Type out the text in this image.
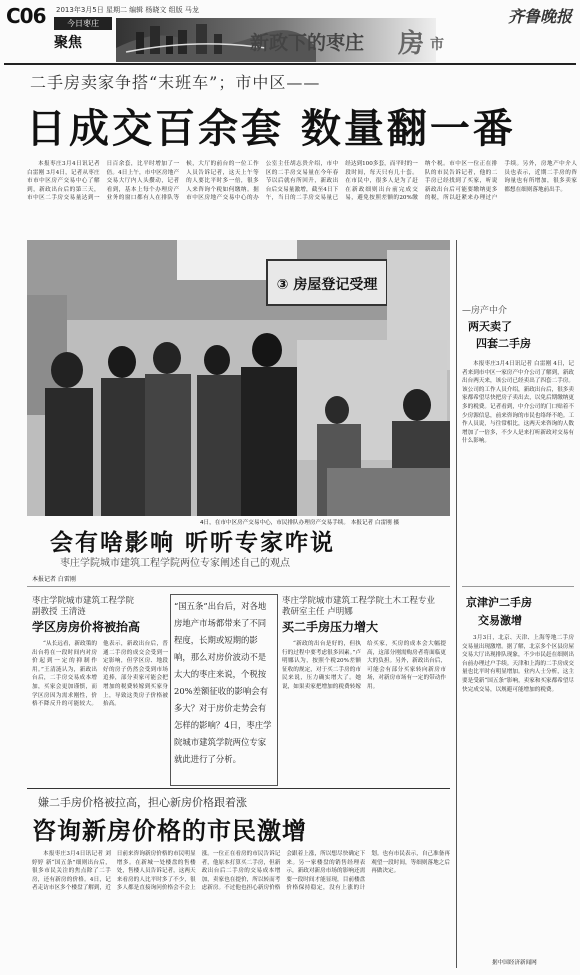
C06 2013年3月5日 星期二 编辑 杨晓文 组版 马龙
今日枣庄
聚焦
齐鲁晚报
新政下的枣庄 房 市
二手房卖家争搭“末班车”；市中区——
日成交百余套 数量翻一番

本报枣庄3月4日讯记者 白雷刚 3月4日，记者从枣庄市市中区房产交易中心了解到，新政出台后的第三天，市中区二手房交易量达到一日百余套，比平时增加了一倍。4日上午，市中区房地产交易大厅内人头攒动，记者看到，基本上每个办理房产业务的窗口都有人在排队等候，大厅的前台的一位工作人员告诉记者，这天上午等的人要比平时多一倍，很多人来咨询个税如何缴纳。据市中区房地产交易中心的办公室主任胡志贵介绍，市中区的二手房交易量在今年春节以后就有所回升，新政出台后交易量激增，截至4日下午，当日的二手房交易量已经达到100多套，而平时的一段时间，每天只有几十套。在市民中，很多人是为了赶在新政细则出台前完成交易，避免按照差额的20%缴纳个税。市中区一位正在排队的市民告诉记者，他的二手房已经找到了买家，听说新政出台后可能要缴纳更多的税，所以赶紧来办理过户手续。另外，房地产中介人员也表示，近期二手房的咨询量也有所增加，很多卖家都想在细则落地前出手。

③ 房屋登记受理
4日，在市中区房产交易中心，市民排队办理房产交易手续。 本报记者 白雷刚 摄
会有啥影响 听听专家咋说
枣庄学院城市建筑工程学院两位专家阐述自己的观点
本报记者 白雷刚
枣庄学院城市建筑工程学院
副教授 王清涟
学区房房价将被抬高

“从长远看，新政策的出台将在一段时间内对房价起到一定的抑制作用。”王清涟认为，新政出台后，二手房交易成本增加，买家会更加谨慎，而学区房因为需求刚性，价格不降反升的可能较大。他表示，新政出台后，普通二手房的成交会受到一定影响，但学区房、地段好的房子仍然会受到市场追捧，部分卖家可能会把增加的税费转嫁到买家身上，导致这类房子价格被抬高。

“国五条”出台后，对各地房地产市场都带来了不同程度，长期或短期的影响，那么对房价波动不是太大的枣庄来说，个税按20%差额征收的影响会有多大？对于房价走势会有怎样的影响？4日，枣庄学院城市建筑学院两位专家就此进行了分析。
枣庄学院城市建筑工程学院土木工程专业
教研室主任 卢明娜
买二手房压力增大

“新政的出台是好的，但执行的过程中要考虑很多因素。”卢明娜认为，按照个税20%差额征收的规定，对于买二手房的市民来说，压力确实增大了。她说，如果卖家把增加的税费转嫁给买家，买房的成本会大幅提高，这部分刚需购房者将面临更大的负担。另外，新政出台后，可能会有部分买家转向新房市场，对新房市场有一定的带动作用。

嫌二手房价格被拉高，担心新房价格跟着涨
咨询新房价格的市民激增

本报枣庄3月4日讯记者 刘婷婷 新“国五条”细则出台后，很多市民关注的焦点除了二手房，还有新房的价格。4日，记者走访市区多个楼盘了解到，近日前来咨询新房价格的市民明显增多。在新城一处楼盘的售楼处，售楼人员告诉记者，这两天来看房的人比平时多了不少，很多人都是直接询问价格会不会上涨。一位正在看房的市民告诉记者，他原本打算买二手房，但新政出台后二手房的交易成本增加，卖家也在提价，所以转而考虑新房。不过他也担心新房价格会跟着上涨，所以想尽快确定下来。另一家楼盘的销售经理表示，新政对新房市场的影响还需要一段时间才能显现，目前楼盘价格保持稳定，没有上涨的计划。也有市民表示，自己准备再观望一段时间，等细则落地之后再做决定。

—房产中介
两天卖了
四套二手房

本报枣庄3月4日讯记者 白雷刚 4日，记者来到市中区一家房产中介公司了解到，新政出台两天来，该公司已经卖出了四套二手房。该公司的工作人员介绍，新政出台后，很多卖家都希望尽快把房子卖出去，以免后期缴纳更多的税费。记者看到，中介公司的门口贴着不少房源信息，前来咨询的市民也络绎不绝。工作人员说，与往常相比，这两天来咨询的人数增加了一倍多，不少人是来打听新政对交易有什么影响。

京津沪二手房
交易激增

3月3日，北京、天津、上海等地二手房交易量出现激增。据了解，北京多个区县房屋交易大厅出现排队现象，不少市民赶在细则出台前办理过户手续。天津和上海的二手房成交量也比平时有明显增加。业内人士分析，这主要是受新“国五条”影响，卖家和买家都希望尽快完成交易，以规避可能增加的税费。

据中国经济新闻网
